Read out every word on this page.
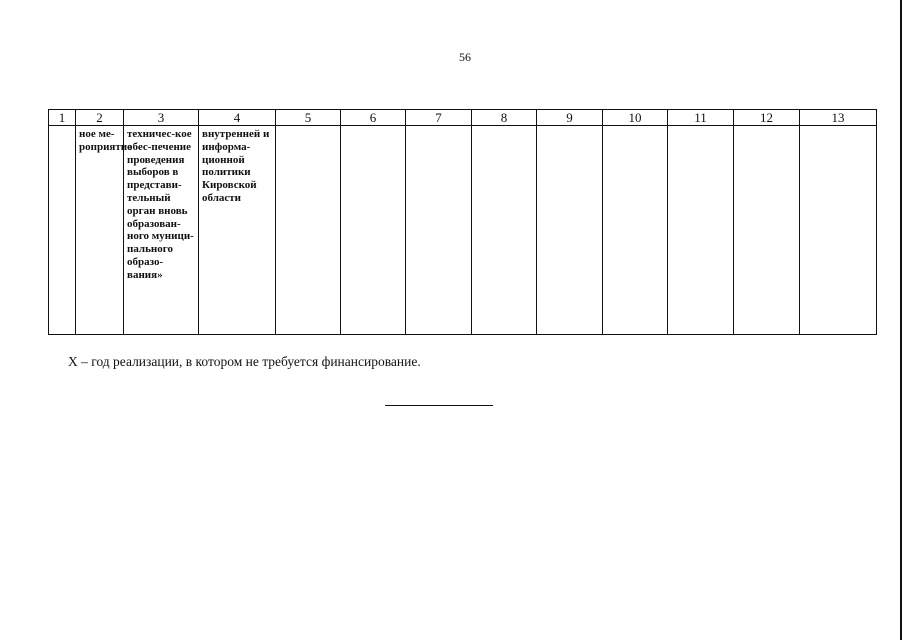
56
1	2	3	4	5	6	7	8	9	10	11	12	13
	ное ме-роприятие	техничес-кое обес-печение проведения выборов в представи-тельный орган вновь образован-ного муници-пального образо-вания»	внутренней и информа-ционной политики Кировской области									
Х – год реализации, в котором не требуется финансирование.
